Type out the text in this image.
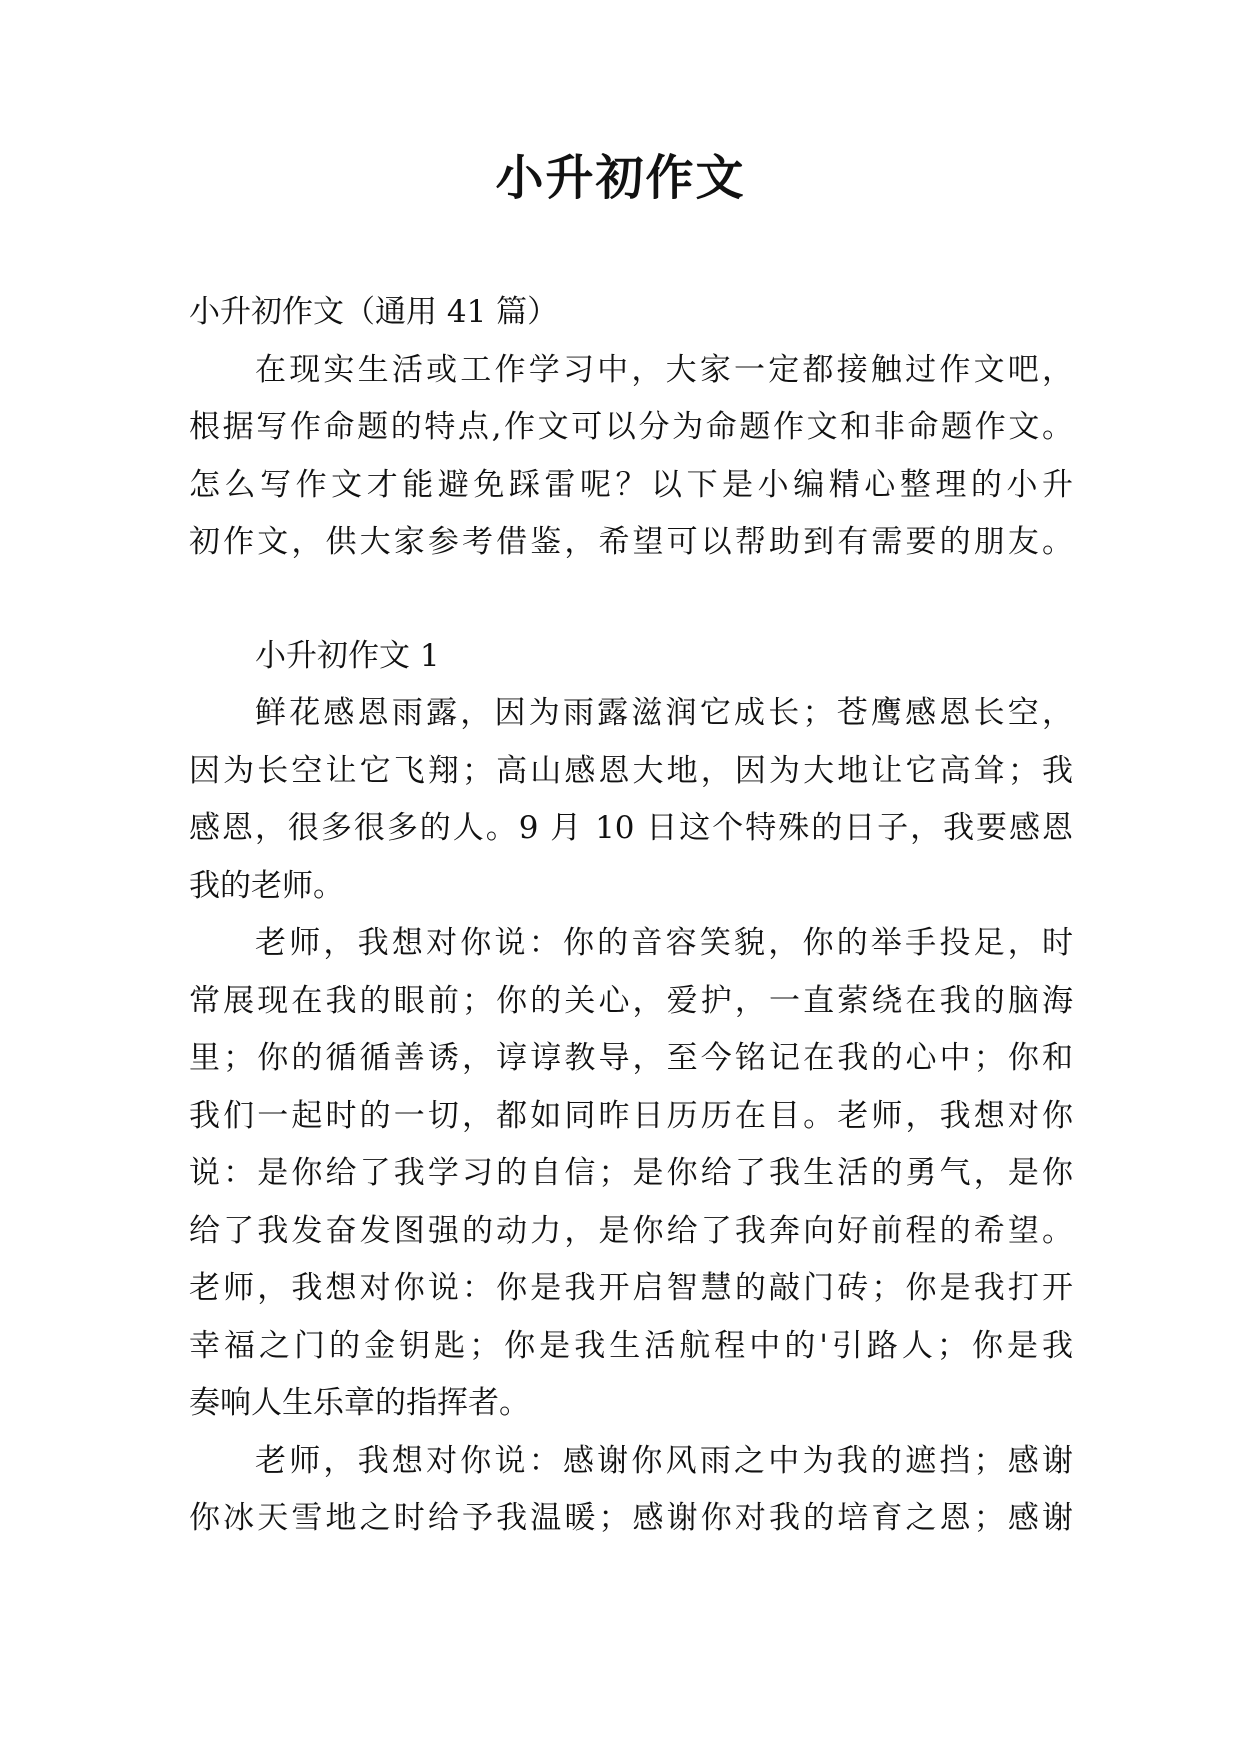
小升初作文
小升初作文（通用 41 篇）
在现实生活或工作学习中，大家一定都接触过作文吧，
根据写作命题的特点,作文可以分为命题作文和非命题作文。
怎么写作文才能避免踩雷呢？以下是小编精心整理的小升
初作文，供大家参考借鉴，希望可以帮助到有需要的朋友。
小升初作文 1
鲜花感恩雨露，因为雨露滋润它成长；苍鹰感恩长空，
因为长空让它飞翔；高山感恩大地，因为大地让它高耸；我
感恩，很多很多的人。9 月 10 日这个特殊的日子，我要感恩
我的老师。
老师，我想对你说：你的音容笑貌，你的举手投足，时
常展现在我的眼前；你的关心，爱护，一直萦绕在我的脑海
里；你的循循善诱，谆谆教导，至今铭记在我的心中；你和
我们一起时的一切，都如同昨日历历在目。老师，我想对你
说：是你给了我学习的自信；是你给了我生活的勇气，是你
给了我发奋发图强的动力，是你给了我奔向好前程的希望。
老师，我想对你说：你是我开启智慧的敲门砖；你是我打开
幸福之门的金钥匙；你是我生活航程中的'引路人；你是我
奏响人生乐章的指挥者。
老师，我想对你说：感谢你风雨之中为我的遮挡；感谢
你冰天雪地之时给予我温暖；感谢你对我的培育之恩；感谢
